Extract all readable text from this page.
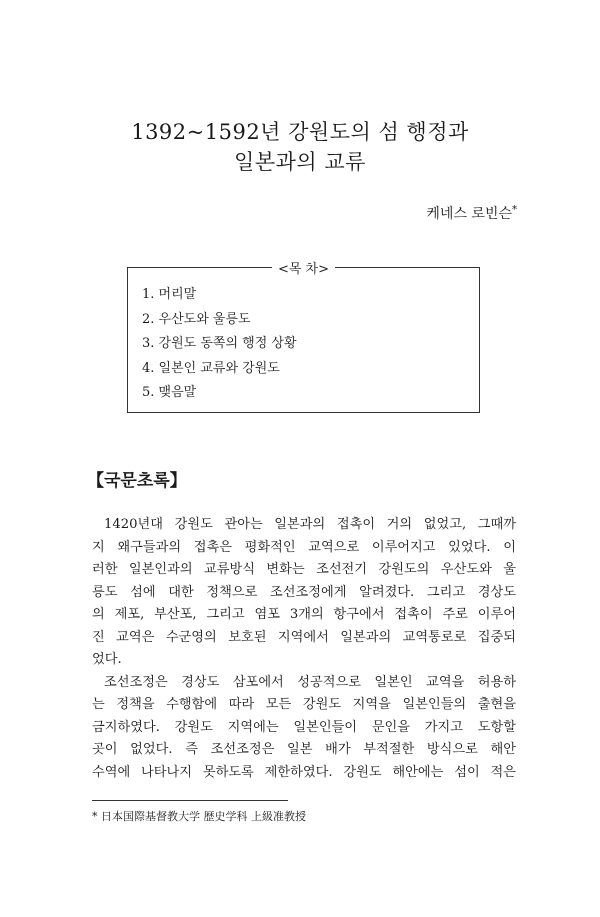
1392~1592년 강원도의 섬 행정과
일본과의 교류
케네스 로빈슨*
<목 차>
1. 머리말
2. 우산도와 울릉도
3. 강원도 동쪽의 행정 상황
4. 일본인 교류와 강원도
5. 맺음말
【국문초록】
1420년대 강원도 관아는 일본과의 접촉이 거의 없었고, 그때까
지 왜구들과의 접촉은 평화적인 교역으로 이루어지고 있었다. 이
러한 일본인과의 교류방식 변화는 조선전기 강원도의 우산도와 울
릉도 섬에 대한 정책으로 조선조정에게 알려졌다. 그리고 경상도
의 제포, 부산포, 그리고 염포 3개의 항구에서 접촉이 주로 이루어
진 교역은 수군영의 보호된 지역에서 일본과의 교역통로로 집중되
었다.
조선조정은 경상도 삼포에서 성공적으로 일본인 교역을 허용하
는 정책을 수행함에 따라 모든 강원도 지역을 일본인들의 출현을
금지하였다. 강원도 지역에는 일본인들이 문인을 가지고 도항할
곳이 없었다. 즉 조선조정은 일본 배가 부적절한 방식으로 해안
수역에 나타나지 못하도록 제한하였다. 강원도 해안에는 섬이 적은
* 日本国際基督教大学 歴史学科 上級准教授
